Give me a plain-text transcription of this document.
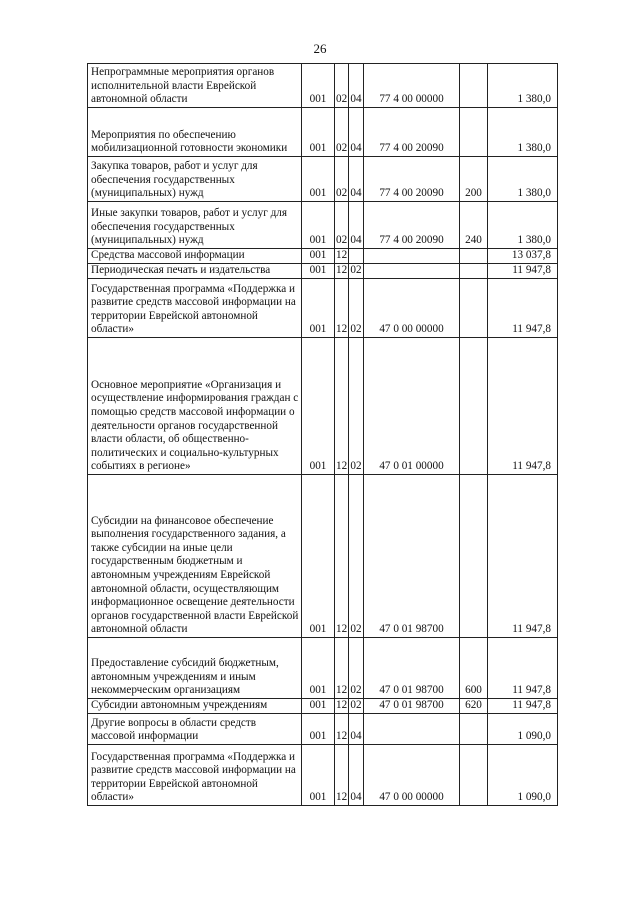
26
Непрограммные мероприятия органов исполнительной власти Еврейской автономной области	001	02	04	77 4 00 00000		1 380,0
Мероприятия по обеспечению мобилизационной готовности экономики	001	02	04	77 4 00 20090		1 380,0
Закупка товаров, работ и услуг для обеспечения государственных (муниципальных) нужд	001	02	04	77 4 00 20090	200	1 380,0
Иные закупки товаров, работ и услуг для обеспечения государственных (муниципальных) нужд	001	02	04	77 4 00 20090	240	1 380,0
Средства массовой информации	001	12				13 037,8
Периодическая печать и издательства	001	12	02			11 947,8
Государственная программа «Поддержка и развитие средств массовой информации на территории Еврейской автономной области»	001	12	02	47 0 00 00000		11 947,8
Основное мероприятие «Организация и осуществление информирования граждан с помощью средств массовой информации о деятельности органов государственной власти области, об общественно-политических и социально-культурных событиях в регионе»	001	12	02	47 0 01 00000		11 947,8
Субсидии на финансовое обеспечение выполнения государственного задания, а также субсидии на иные цели государственным бюджетным и автономным учреждениям Еврейской автономной области, осуществляющим информационное освещение деятельности органов государственной власти Еврейской автономной области	001	12	02	47 0 01 98700		11 947,8
Предоставление субсидий бюджетным, автономным учреждениям и иным некоммерческим организациям	001	12	02	47 0 01 98700	600	11 947,8
Субсидии автономным учреждениям	001	12	02	47 0 01 98700	620	11 947,8
Другие вопросы в области средств массовой информации	001	12	04			1 090,0
Государственная программа «Поддержка и развитие средств массовой информации на территории Еврейской автономной области»	001	12	04	47 0 00 00000		1 090,0
